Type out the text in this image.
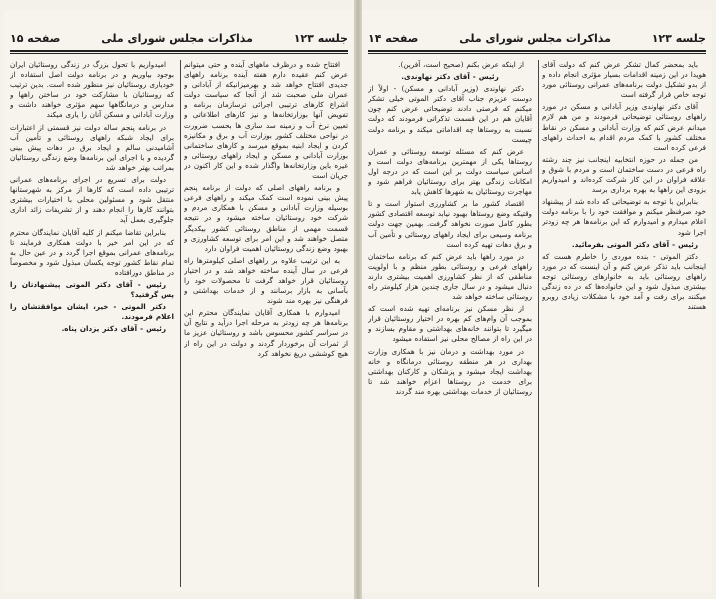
جلسه ۱۲۳
مذاکرات مجلس شورای ملی
صفحه ۱۵

افتتاح شده و درظرف ماههای آینده و حتی میتوانم عرض کنم عقیده دارم هفته آینده برنامه راههای جدیدی افتتاح خواهد شد و بهرمیزانیکه از آبادانی و عمران ملی صحبت شد از آنجا که سیاست دولت اشراع کارهای ترتیبی اجرائی ترسازمان برنامه و تفویض آنها بوزارتخانه‌ها و نیز کارهای اطلاعاتی و تعیین نرخ آب و زمینه سد سازی ها بحسب ضرورت در نواحی مختلف کشور بوزارت آب و برق و مکانیزه کردن و ایجاد ابنیه بموقع میرسد و کارهای ساختمانی بوزارت آبادانی و مسکن و ایجاد راههای روستائی و غیره باین وزارتخانه‌ها واگذار شده و این کار اکنون در جریان است

و برنامه راههای اصلی که دولت از برنامه پنجم پیش بینی نموده است کمک میکند و راههای فرعی بوسیله وزارت آبادانی و مسکن با همکاری مردم و شرکت خود روستائیان ساخته میشود و در نتیجه قسمت مهمی از مناطق روستائی کشور بیکدیگر متصل خواهند شد و این امر برای توسعه کشاورزی و بهبود وضع زندگی روستائیان اهمیت فراوان دارد

به این ترتیب علاوه بر راههای اصلی کیلومترها راه فرعی در سال آینده ساخته خواهد شد و در اختیار روستائیان قرار خواهد گرفت تا محصولات خود را بآسانی به بازار برسانند و از خدمات بهداشتی و فرهنگی نیز بهره مند شوند

امیدوارم با همکاری آقایان نمایندگان محترم این برنامه‌ها هر چه زودتر به مرحله اجرا درآید و نتایج آن در سراسر کشور محسوس باشد و روستائیان عزیز ما از ثمرات آن برخوردار گردند و دولت در این راه از هیچ کوششی دریغ نخواهد کرد

امیدواریم با تحول بزرگ در زندگی روستائیان ایران بوجود بیاوریم و در برنامه دولت اصل استفاده از خودیاری روستائیان نیز منظور شده است. بدین ترتیب که روستائیان با مشارکت خود در ساختن راهها و مدارس و درمانگاهها سهم مؤثری خواهند داشت و وزارت آبادانی و مسکن آنان را یاری میکند

در برنامه پنجم ساله دولت نیز قسمتی از اعتبارات برای ایجاد شبکه راههای روستائی و تأمین آب آشامیدنی سالم و ایجاد برق در دهات پیش بینی گردیده و با اجرای این برنامه‌ها وضع زندگی روستائیان بمراتب بهتر خواهد شد

دولت برای تسریع در اجرای برنامه‌های عمرانی ترتیبی داده است که کارها از مرکز به شهرستانها منتقل شود و مسئولین محلی با اختیارات بیشتری بتوانند کارها را انجام دهند و از تشریفات زائد اداری جلوگیری بعمل آید

بنابراین تقاضا میکنم از کلیه آقایان نمایندگان محترم که در این امر خیر با دولت همکاری فرمایند تا برنامه‌های عمرانی بموقع اجرا گردد و در عین حال به تمام نقاط کشور توجه یکسان مبذول شود و مخصوصاً در مناطق دورافتاده

رئیس - آقای دکتر الموتی پیشنهادتان را پس گرفتید؟

دکتر الموتی - خیر، ایشان موافقتشان را اعلام فرمودند.

رئیس - آقای دکتر یزدان پناه.

صفحه ۱۴	مذاکرات مجلس شورای ملی	جلسه ۱۲۳

باید بمحضر کمال تشکر عرض کنم که دولت آقای هویدا در این زمینه اقدامات بسیار مؤثری انجام داده و از بدو تشکیل دولت برنامه‌های عمرانی روستائی مورد توجه خاص قرار گرفته است

آقای دکتر نهاوندی وزیر آبادانی و مسکن در مورد راههای روستائی توضیحاتی فرمودند و من هم لازم میدانم عرض کنم که وزارت آبادانی و مسکن در نقاط مختلف کشور با کمک مردم اقدام به احداث راههای فرعی کرده است

من جمله در حوزه انتخابیه اینجانب نیز چند رشته راه فرعی در دست ساختمان است و مردم با شوق و علاقه فراوان در این کار شرکت کرده‌اند و امیدواریم بزودی این راهها به بهره برداری برسد

بنابراین با توجه به توضیحاتی که داده شد از پیشنهاد خود صرفنظر میکنم و موافقت خود را با برنامه دولت اعلام میدارم و امیدوارم که این برنامه‌ها هر چه زودتر اجرا شود

رئیس - آقای دکتر الموتی بفرمائید.

دکتر الموتی - بنده موردی را خاطرم هست که اینجانب باید تذکر عرض کنم و آن اینست که در مورد راههای روستائی باید به خانوارهای روستائی توجه بیشتری مبذول شود و این خانواده‌ها که در ده زندگی میکنند برای رفت و آمد خود با مشکلات زیادی روبرو هستند

از اینکه عرض بکنم (صحیح است، آفرین).

رئیس - آقای دکتر نهاوندی.

دکتر نهاوندی (وزیر آبادانی و مسکن) - اولاً از دوست عزیزم جناب آقای دکتر الموتی خیلی تشکر میکنم که فرصتی دادند توضیحاتی عرض کنم چون آقایان هم در این قسمت تذکراتی فرمودند که دولت نسبت به روستاها چه اقداماتی میکند و برنامه دولت چیست

عرض کنم که مسئله توسعه روستائی و عمران روستاها یکی از مهمترین برنامه‌های دولت است و اساس سیاست دولت بر این است که در درجه اول امکانات زندگی بهتر برای روستائیان فراهم شود و مهاجرت روستائیان به شهرها کاهش یابد

اقتصاد کشور ما بر کشاورزی استوار است و تا وقتیکه وضع روستاها بهبود نیابد توسعه اقتصادی کشور بطور کامل صورت نخواهد گرفت. بهمین جهت دولت برنامه وسیعی برای ایجاد راههای روستائی و تأمین آب و برق دهات تهیه کرده است

در مورد راهها باید عرض کنم که برنامه ساختمان راههای فرعی و روستائی بطور منظم و با اولویت مناطقی که از نظر کشاورزی اهمیت بیشتری دارند دنبال میشود و در سال جاری چندین هزار کیلومتر راه روستائی ساخته خواهد شد

از نظر مسکن نیز برنامه‌ای تهیه شده است که بموجب آن وام‌های کم بهره در اختیار روستائیان قرار میگیرد تا بتوانند خانه‌های بهداشتی و مقاوم بسازند و در این راه از مصالح محلی نیز استفاده میشود

در مورد بهداشت و درمان نیز با همکاری وزارت بهداری در هر منطقه روستائی درمانگاه و خانه بهداشت ایجاد میشود و پزشکان و کارکنان بهداشتی برای خدمت در روستاها اعزام خواهند شد تا روستائیان از خدمات بهداشتی بهره مند گردند
